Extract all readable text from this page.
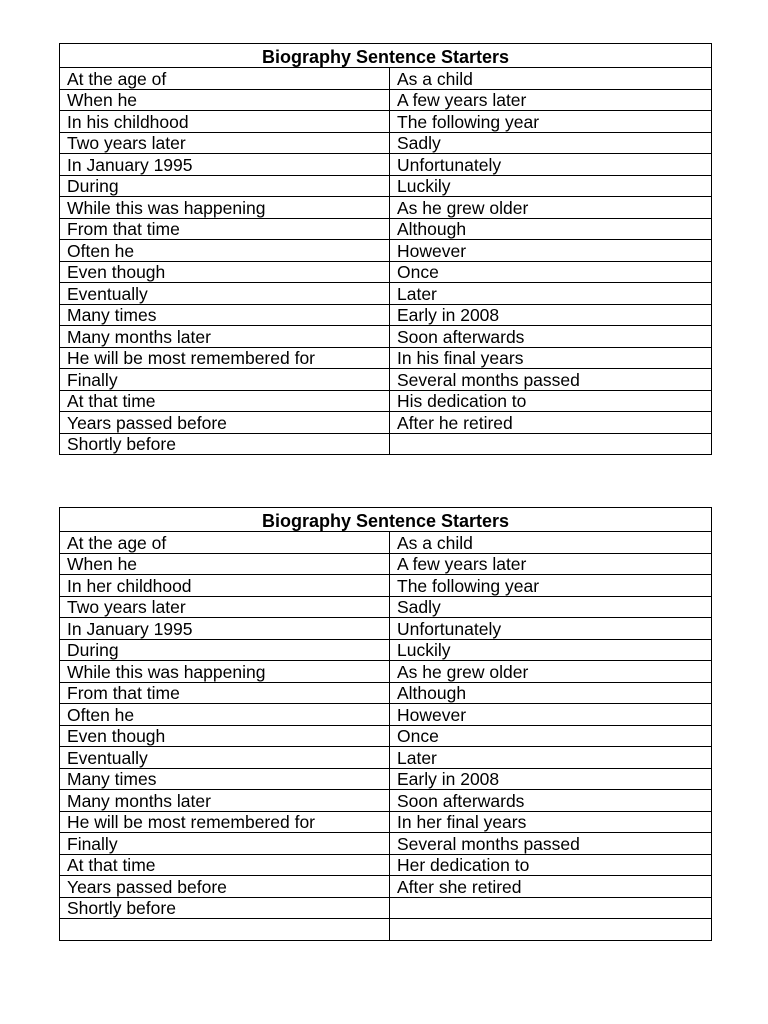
Biography Sentence Starters	
At the age of	As a child
When he	A few years later
In his childhood	The following year
Two years later	Sadly
In January 1995	Unfortunately
During	Luckily
While this was happening	As he grew older
From that time	Although
Often he	However
Even though	Once
Eventually	Later
Many times	Early in 2008
Many months later	Soon afterwards
He will be most remembered for	In his final years
Finally	Several months passed
At that time	His dedication to
Years passed before	After he retired
Shortly before	
Biography Sentence Starters	
At the age of	As a child
When he	A few years later
In her childhood	The following year
Two years later	Sadly
In January 1995	Unfortunately
During	Luckily
While this was happening	As he grew older
From that time	Although
Often he	However
Even though	Once
Eventually	Later
Many times	Early in 2008
Many months later	Soon afterwards
He will be most remembered for	In her final years
Finally	Several months passed
At that time	Her dedication to
Years passed before	After she retired
Shortly before	
